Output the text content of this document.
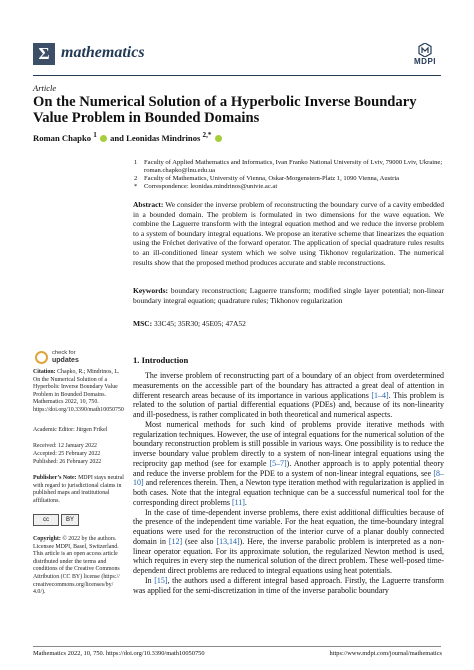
Σ mathematics
MDPI
Article
On the Numerical Solution of a Hyperbolic Inverse Boundary Value Problem in Bounded Domains
Roman Chapko $^1$ and Leonidas Mindrinos $^{2,*}$
1 Faculty of Applied Mathematics and Informatics, Ivan Franko National University of Lviv, 79000 Lviv, Ukraine; roman.chapko@lnu.edu.ua
2 Faculty of Mathematics, University of Vienna, Oskar-Morgenstern-Platz 1, 1090 Vienna, Austria
* Correspondence: leonidas.mindrinos@univie.ac.at
Abstract: We consider the inverse problem of reconstructing the boundary curve of a cavity embedded in a bounded domain. The problem is formulated in two dimensions for the wave equation. We combine the Laguerre transform with the integral equation method and we reduce the inverse problem to a system of boundary integral equations. We propose an iterative scheme that linearizes the equation using the Fréchet derivative of the forward operator. The application of special quadrature rules results to an ill-conditioned linear system which we solve using Tikhonov regularization. The numerical results show that the proposed method produces accurate and stable reconstructions.
Keywords: boundary reconstruction; Laguerre transform; modified single layer potential; non-linear boundary integral equation; quadrature rules; Tikhonov regularization
MSC: 33C45; 35R30; 45E05; 47A52
check for
updates
Citation: Chapko, R.; Mindrinos, L. On the Numerical Solution of a Hyperbolic Inverse Boundary Value Problem in Bounded Domains. Mathematics 2022, 10, 750. https://doi.org/10.3390/math10050750
Academic Editor: Jürgen Frikel
Received: 12 January 2022
Accepted: 25 February 2022
Published: 26 February 2022
Publisher’s Note: MDPI stays neutral with regard to jurisdictional claims in published maps and institutional affiliations.
cc	BY
Copyright: © 2022 by the authors. Licensee MDPI, Basel, Switzerland. This article is an open access article distributed under the terms and conditions of the Creative Commons Attribution (CC BY) license (https:// creativecommons.org/licenses/by/ 4.0/).
1. Introduction

The inverse problem of reconstructing part of a boundary of an object from overdetermined measurements on the accessible part of the boundary has attracted a great deal of attention in different research areas because of its importance in various applications [1–4]. This problem is related to the solution of partial differential equations (PDEs) and, because of its non-linearity and ill-posedness, is rather complicated in both theoretical and numerical aspects.

Most numerical methods for such kind of problems provide iterative methods with regularization techniques. However, the use of integral equations for the numerical solution of the boundary reconstruction problem is still possible in various ways. One possibility is to reduce the inverse boundary value problem directly to a system of non-linear integral equations using the reciprocity gap method (see for example [5–7]). Another approach is to apply potential theory and reduce the inverse problem for the PDE to a system of non-linear integral equations, see [8–10] and references therein. Then, a Newton type iteration method with regularization is applied in both cases. Note that the integral equation technique can be a successful numerical tool for the corresponding direct problems [11].

In the case of time-dependent inverse problems, there exist additional difficulties because of the presence of the independent time variable. For the heat equation, the time-boundary integral equations were used for the reconstruction of the interior curve of a planar doubly connected domain in [12] (see also [13,14]). Here, the inverse parabolic problem is interpreted as a non-linear operator equation. For its approximate solution, the regularized Newton method is used, which requires in every step the numerical solution of the direct problem. These well-posed time-dependent direct problems are reduced to integral equations using heat potentials.

In [15], the authors used a different integral based approach. Firstly, the Laguerre transform was applied for the semi-discretization in time of the inverse parabolic boundary

Mathematics 2022, 10, 750. https://doi.org/10.3390/math10050750	https://www.mdpi.com/journal/mathematics
